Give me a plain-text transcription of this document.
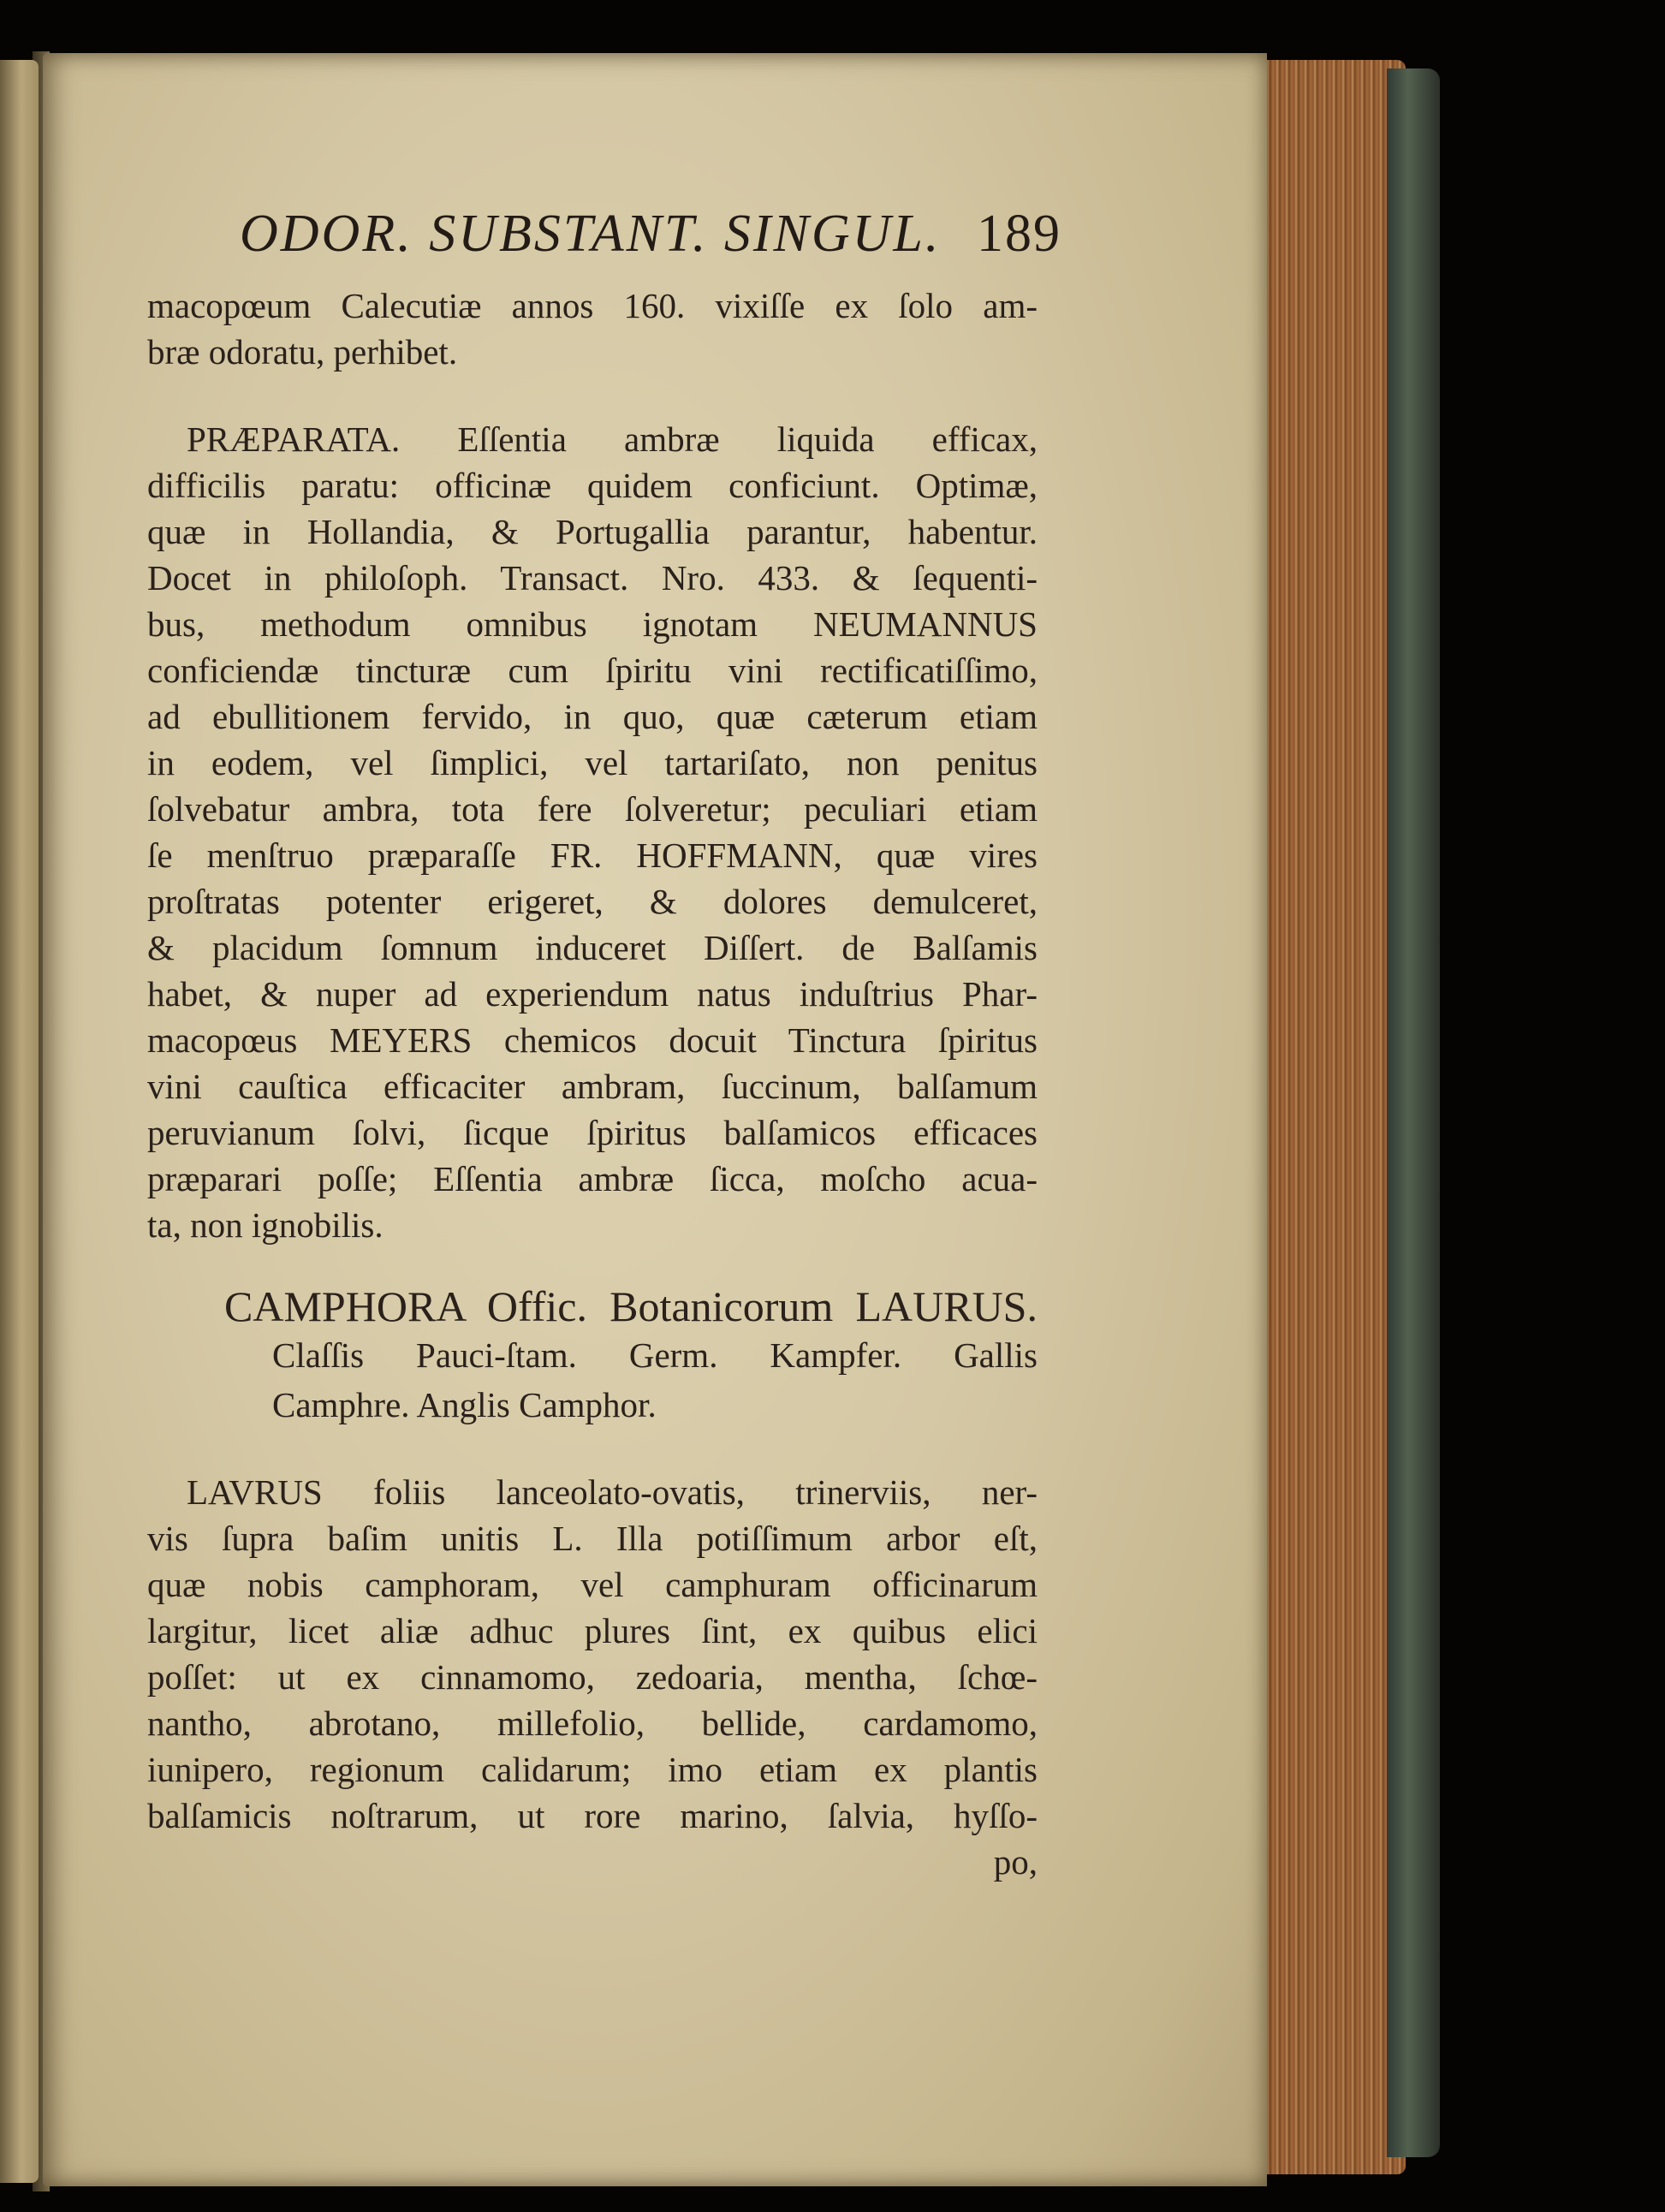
ODOR. SUBSTANT. SINGUL. 189
macopœum Calecutiæ annos 160. vixiſſe ex ſolo am-
bræ odoratu, perhibet.
PRÆPARATA. Eſſentia ambræ liquida efficax,
difficilis paratu: officinæ quidem conficiunt. Optimæ,
quæ in Hollandia, & Portugallia parantur, habentur.
Docet in philoſoph. Transact. Nro. 433. & ſequenti-
bus, methodum omnibus ignotam NEUMANNUS
conficiendæ tincturæ cum ſpiritu vini rectificatiſſimo,
ad ebullitionem fervido, in quo, quæ cæterum etiam
in eodem, vel ſimplici, vel tartariſato, non penitus
ſolvebatur ambra, tota fere ſolveretur; peculiari etiam
ſe menſtruo præparaſſe FR. HOFFMANN, quæ vires
proſtratas potenter erigeret, & dolores demulceret,
& placidum ſomnum induceret Diſſert. de Balſamis
habet, & nuper ad experiendum natus induſtrius Phar-
macopœus MEYERS chemicos docuit Tinctura ſpiritus
vini cauſtica efficaciter ambram, ſuccinum, balſamum
peruvianum ſolvi, ſicque ſpiritus balſamicos efficaces
præparari poſſe; Eſſentia ambræ ſicca, moſcho acua-
ta, non ignobilis.
CAMPHORA Offic. Botanicorum LAURUS.
Claſſis Pauci-ſtam. Germ. Kampfer. Gallis
Camphre. Anglis Camphor.
LAVRUS foliis lanceolato-ovatis, trinerviis, ner-
vis ſupra baſim unitis L. Illa potiſſimum arbor eſt,
quæ nobis camphoram, vel camphuram officinarum
largitur, licet aliæ adhuc plures ſint, ex quibus elici
poſſet: ut ex cinnamomo, zedoaria, mentha, ſchœ-
nantho, abrotano, millefolio, bellide, cardamomo,
iunipero, regionum calidarum; imo etiam ex plantis
balſamicis noſtrarum, ut rore marino, ſalvia, hyſſo-
po,
